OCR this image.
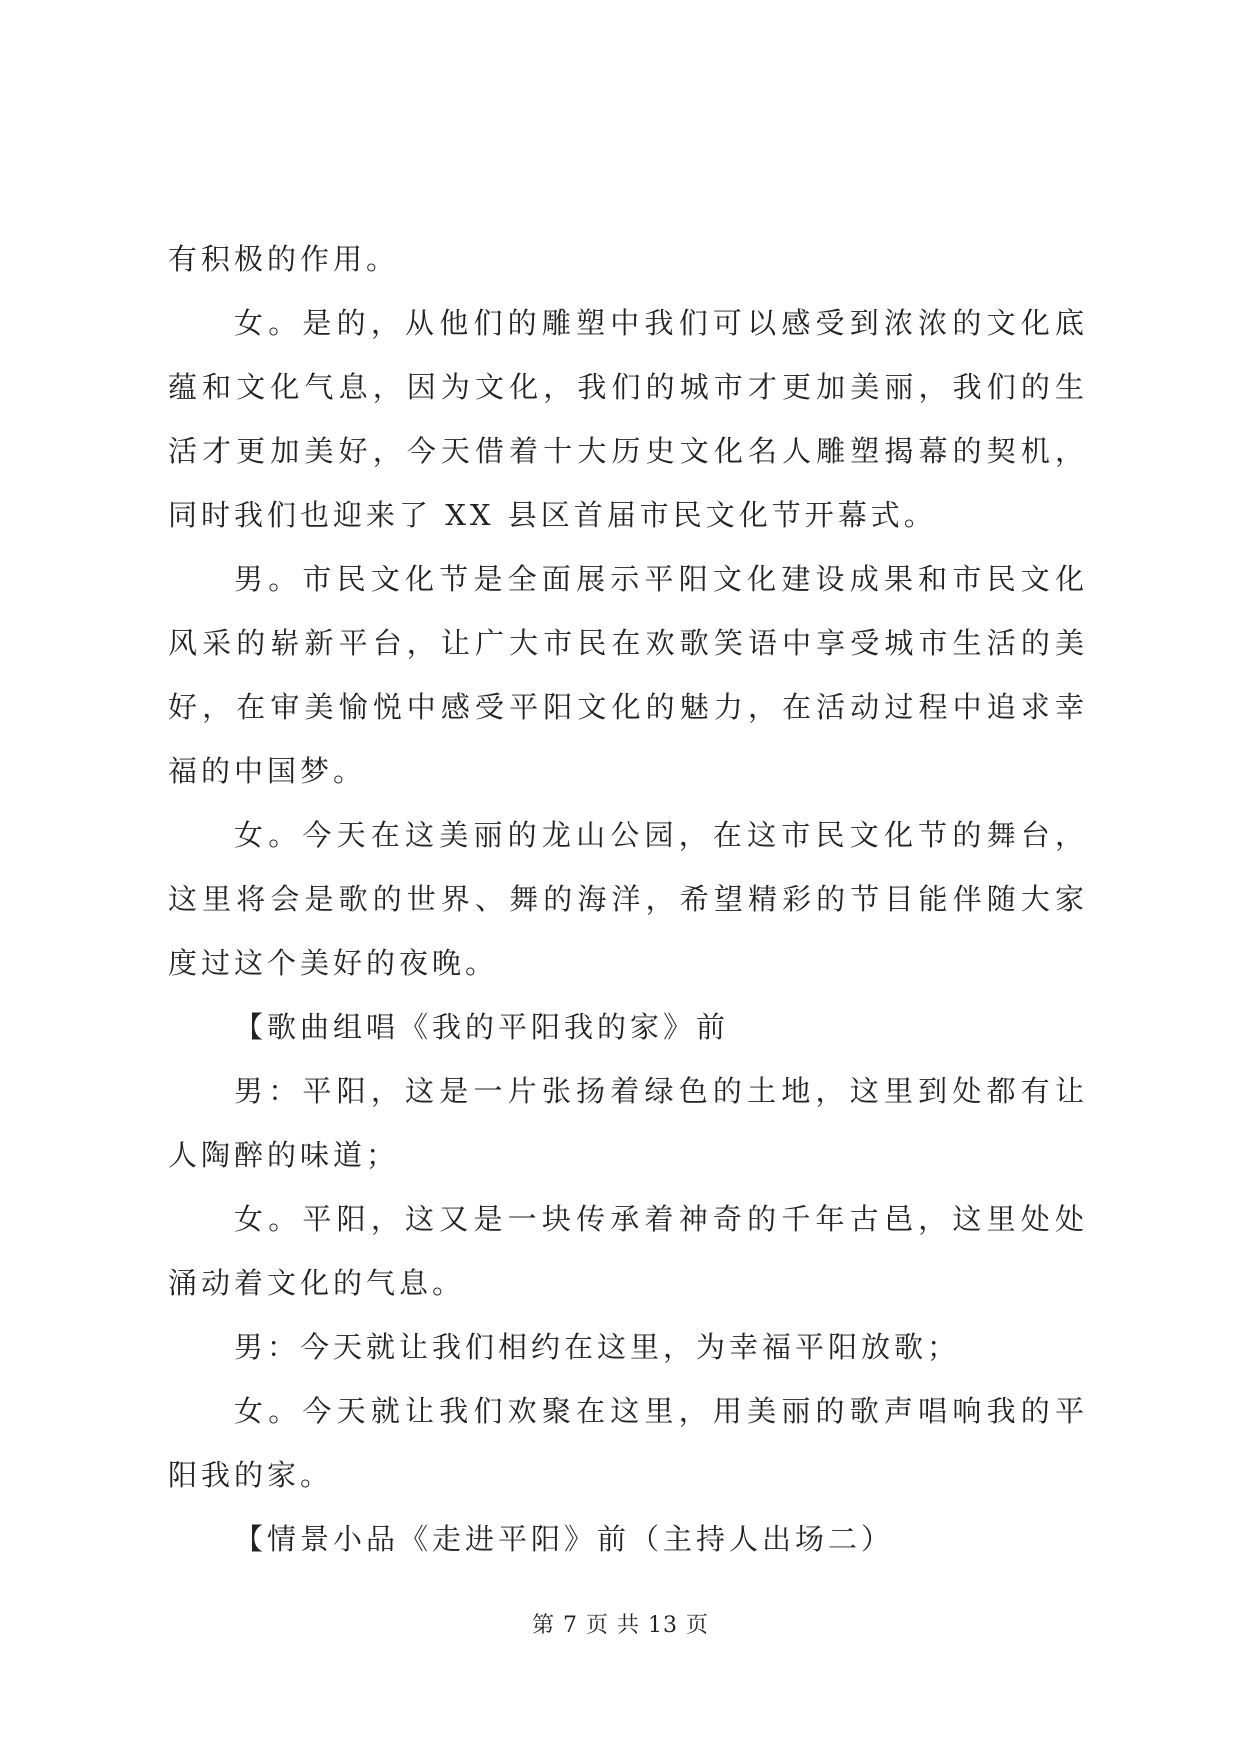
有积极的作用。

女。是的，从他们的雕塑中我们可以感受到浓浓的文化底蕴和文化气息，因为文化，我们的城市才更加美丽，我们的生活才更加美好，今天借着十大历史文化名人雕塑揭幕的契机，同时我们也迎来了 XX 县区首届市民文化节开幕式。

男。市民文化节是全面展示平阳文化建设成果和市民文化风采的崭新平台，让广大市民在欢歌笑语中享受城市生活的美好，在审美愉悦中感受平阳文化的魅力，在活动过程中追求幸福的中国梦。

女。今天在这美丽的龙山公园，在这市民文化节的舞台，这里将会是歌的世界、舞的海洋，希望精彩的节目能伴随大家度过这个美好的夜晚。

【歌曲组唱《我的平阳我的家》前

男：平阳，这是一片张扬着绿色的土地，这里到处都有让人陶醉的味道；

女。平阳，这又是一块传承着神奇的千年古邑，这里处处涌动着文化的气息。

男：今天就让我们相约在这里，为幸福平阳放歌；

女。今天就让我们欢聚在这里，用美丽的歌声唱响我的平阳我的家。

【情景小品《走进平阳》前（主持人出场二）

第 7 页 共 13 页
